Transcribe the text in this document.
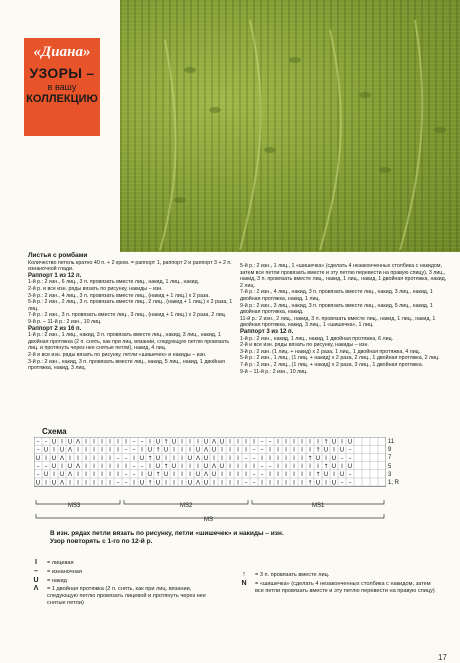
«Диана»
УЗОРЫ –
в вашу
КОЛЛЕКЦИЮ

Листья с ромбами

Количество петель кратно 40 п. + 2 кром. = раппорт 1, раппорт 2 и раппорт 3 + 2 п. изнаночной глади.

Раппорт 1 из 12 п.

1-й р.: 2 изн., 6 лиц., 3 п. провязать вместе лиц., накид, 1 лиц., накид.

2-й р. и все изн. ряды вязать по рисунку, накиды – изн.

3-й р.: 2 изн., 4 лиц., 3 п. провязать вместе лиц., (накид + 1 лиц.) x 2 раза.

5-й р.: 2 изн., 2 лиц., 3 п. провязать вместе лиц., 2 лиц., (накид + 1 лиц.) x 2 раза, 1 лиц.

7-й р.: 2 изн., 3 п. провязать вместе лиц., 3 лиц., (накид + 1 лиц.) x 2 раза, 2 лиц.

9-й р. – 11-й р.: 2 изн., 10 лиц.

Раппорт 2 из 16 п.

1-й р.: 2 изн., 1 лиц., накид, 3 п. провязать вместе лиц., накид, 3 лиц., накид, 1 двойная протяжка (2 п. снять, как при лиц. вязании, следующую петлю провязать лиц. и протянуть через нее снятые петли), накид, 4 лиц.

2-й и все изн. ряды вязать по рисунку, петли «шишечек» и накиды – изн.

3-й р.: 2 изн., накид, 3 п. провязать вместе лиц., накид, 5 лиц., накид, 1 двойная протяжка, накид, 3 лиц.

5-й р.: 2 изн., 1 лиц., 1 «шишечка» (сделать 4 незаконченных столбика с накидом, затем все петли провязать вместе и эту петлю перевести на правую спицу), 3 лиц., накид, 3 п. провязать вместе лиц., накид, 1 лиц., накид, 1 двойная протяжка, накид, 2 лиц.

7-й р.: 2 изн., 4 лиц., накид, 3 п. провязать вместе лиц., накид, 3 лиц., накид, 1 двойная протяжка, накид, 1 лиц.

9-й р.: 2 изн., 3 лиц., накид, 3 п. провязать вместе лиц., накид, 5 лиц., накид, 1 двойная протяжка, накид.

11-й р.: 2 изн., 2 лиц., накид, 3 п. провязать вместе лиц., накид, 1 лиц., накид, 1 двойная протяжка, накид, 3 лиц., 1 «шишечка», 1 лиц.

Раппорт 3 из 12 п.

1-й р.: 2 изн., накид, 1 лиц., накид, 1 двойная протяжка, 6 лиц.

2-й и все изн. ряды вязать по рисунку, накиды – изн.

3-й р.: 2 изн. (1 лиц. + накид) x 2 раза, 1 лиц., 1 двойная протяжка, 4 лиц.

5-й р.: 2 изн., 1 лиц., (1 лиц. + накид) x 2 раза, 2 лиц., 1 двойная протяжка, 2 лиц.

7-й р.: 2 изн., 2 лиц., (1 лиц. + накид) x 2 раза, 3 лиц., 1 двойная протяжка.

9-й – 11-й р.: 2 изн., 10 лиц.

Схема
– – U I U Λ I I I I I I – – I U ↑ U I I I U Λ U I I I I – – I I I I I I ↑ U I U
– U I U Λ I I I I I I – – I U ↑ U I I I U Λ U I I I I – – I I I I I I ↑ U I U –
U I U Λ I I I I I I – – I U ↑ U I I I U Λ U I I I I – – I I I I I I ↑ U I U – –
– – U I U Λ I I I I I I – – I U ↑ U I I I U Λ U I I I I – – I I I I I I ↑ U I U
– U I U Λ I I I I I I – – I U ↑ U I I I U Λ U I I I I – – I I I I I I ↑ U I U –
U I U Λ I I I I I I – – I U ↑ U I I I U Λ U I I I I – – I I I I I I ↑ U I U – –
11
9
7
5
3
1, R
MS3	MS2	MS1
MS
В изн. рядах петли вязать по рисунку, петли «шишечек» и накиды – изн.
Узор повторять с 1-го по 12-й р.
I	= лицевая
–	= изнаночная
U	= накид
Λ	= 1 двойная протяжка (2 п. снять, как при лиц. вязании, следующую петлю провязать лицевой и протянуть через нее снятые петли)
↑	= 3 п. провязать вместе лиц.
N	= «шишечка» (сделать 4 незаконченных столбика с накидом, затем все петли провязать вместе и эту петлю перевести на правую спицу)
17
